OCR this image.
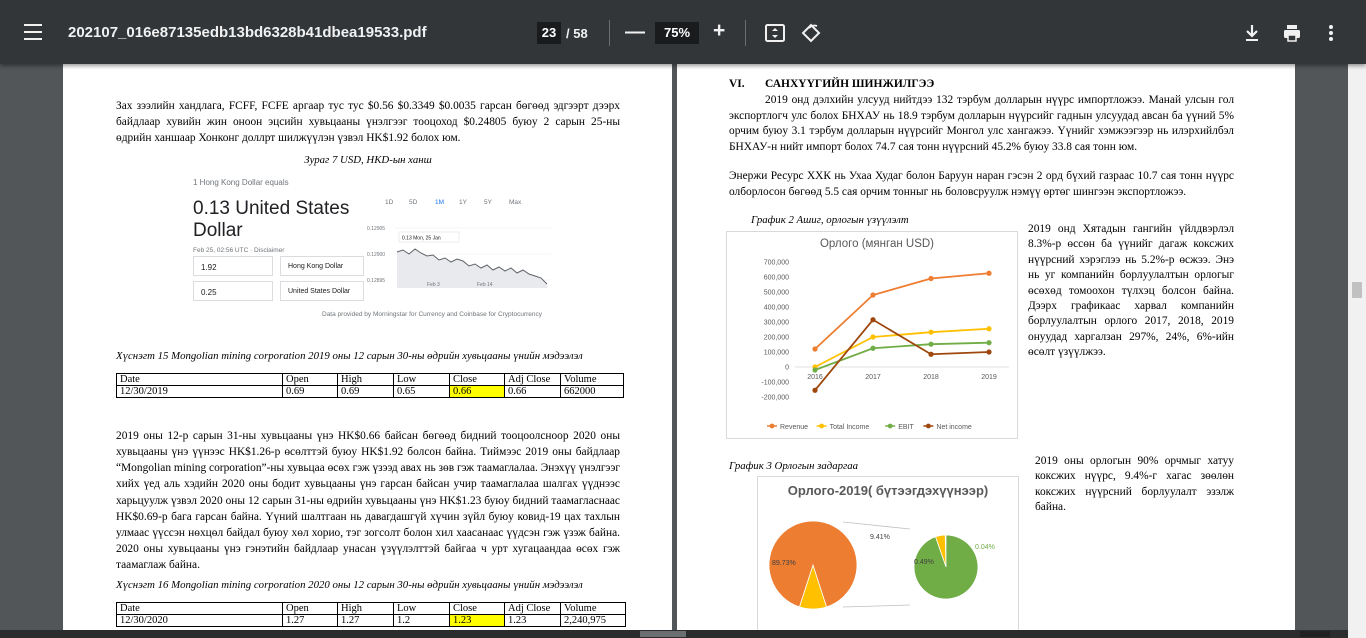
202107_016e87135edb13bd6328b41dbea19533.pdf	23 / 58 —	75%	+
Зах зээлийн хандлага, FCFF, FCFE аргаар тус тус $0.56 $0.3349 $0.0035 гарсан бөгөөд эдгээрт дээрх байдлаар хувийн жин оноон эцсийн хувьцааны үнэлгээг тооцоход $0.24805 буюу 2 сарын 25-ны өдрийн ханшаар Хонконг доллрт шилжүүлэн үзвэл HK$1.92 болох юм.
Зураг 7 USD, HKD-ын ханш
1 Hong Kong Dollar equals
0.13 United States
Dollar
Feb 25, 02:56 UTC · Disclaimer
1.92	Hong Kong Dollar
0.25	United States Dollar
1D 5D	1M 1Y	5Y	Max
0.12905
0.12900
0.12895
0.13 Mon, 25 Jan
Feb 3	Feb 14
Data provided by Morningstar for Currency and Coinbase for Cryptocurrency
Хүснэгт 15 Mongolian mining corporation 2019 оны 12 сарын 30-ны өдрийн хувьцааны үнийн мэдээлэл
Date	Open	High	Low	Close	Adj Close	Volume
12/30/2019	0.69	0.69	0.65	0.66	0.66	662000
2019 оны 12-р сарын 31-ны хувьцааны үнэ HK$0.66 байсан бөгөөд бидний тооцоолсноор 2020 оны хувьцааны үнэ үүнээс HK$1.26-р өсөлттэй буюу HK$1.92 болсон байна. Тиймээс 2019 оны байдлаар “Mongolian mining corporation”-ны хувьцаа өсөх гэж үзээд авах нь зөв гэж таамаглалаа. Энэхүү үнэлгээг хийх үед аль хэдийн 2020 оны бодит хувьцааны үнэ гарсан байсан учир таамаглалаа шалгах үүднээс харьцуулж үзвэл 2020 оны 12 сарын 31-ны өдрийн хувьцааны үнэ HK$1.23 буюу бидний таамаглаcнаас HK$0.69-р бага гарсан байна. Үүний шалтгаан нь давагдашгүй хүчин зүйл буюу ковид-19 цах тахлын улмаас үүссэн нөхцөл байдал буюу хөл хорио, тэг зогсолт болон хил хаасанаас үүдсэн гэж үзэж байна. 2020 оны хувьцааны үнэ гэнэтийн байдлаар унасан үзүүлэлттэй байгаа ч урт хугацаандаа өсөх гэж таамаглаж байна.
Хүснэгт 16 Mongolian mining corporation 2020 оны 12 сарын 30-ны өдрийн хувьцааны үнийн мэдээлэл
Date	Open	High	Low	Close	Adj Close	Volume
12/30/2020	1.27	1.27	1.2	1.23	1.23	2,240,975
VI. САНХҮҮГИЙН ШИНЖИЛГЭЭ
2019 онд дэлхийн улсууд нийтдээ 132 тэрбум долларын нүүрс импортложээ. Манай улсын гол экспортлогч улс болох БНХАУ нь 18.9 тэрбум долларын нүүрсийг гаднын улсуудад авсан ба үүний 5% орчим буюу 3.1 тэрбум долларын нүүрсийг Монгол улс хангажээ. Үүнийг хэмжээгээр нь илэрхийлбэл БНХАУ-н нийт импорт болох 74.7 сая тонн нүүрсний 45.2% буюу 33.8 сая тонн юм.
Энержи Ресурс ХХК нь Ухаа Худаг болон Баруун наран гэсэн 2 орд бүхий газраас 10.7 сая тонн нүүрс олборлосон бөгөөд 5.5 сая орчим тонныг нь боловсруулж нэмүү өртөг шингээн экспортложээ.
График 2 Ашиг, орлогын үзүүлэлт
Орлого (мянган USD)
700,000
600,000
500,000
400,000
300,000
200,000
100,000
0
-100,000
-200,000
2016	2017	2018	2019
Revenue	Total Income	EBIT	Net income
2019 онд Хятадын гангийн үйлдвэрлэл 8.3%-р өссөн ба үүнийг дагаж коксжих нүүрсний хэрэглээ нь 5.2%-р өсжээ. Энэ нь уг компанийн борлуулалтын орлогыг өсөхөд томоохон түлхэц болсон байна. Дээрх графикаас харвал компанийн борлуулалтын орлого 2017, 2018, 2019 онуудад харгалзан 297%, 24%, 6%-ийн өсөлт үзүүлжээ.
График 3 Орлогын задаргаа
Орлого-2019( бүтээгдэхүүнээр)
89.73%
9.41%
0.49%
0.04%
2019 оны орлогын 90% орчмыг хатуу коксжих нүүрс, 9.4%-г хагас зөөлөн коксжих нүүрсний борлуулалт эзэлж байна.
